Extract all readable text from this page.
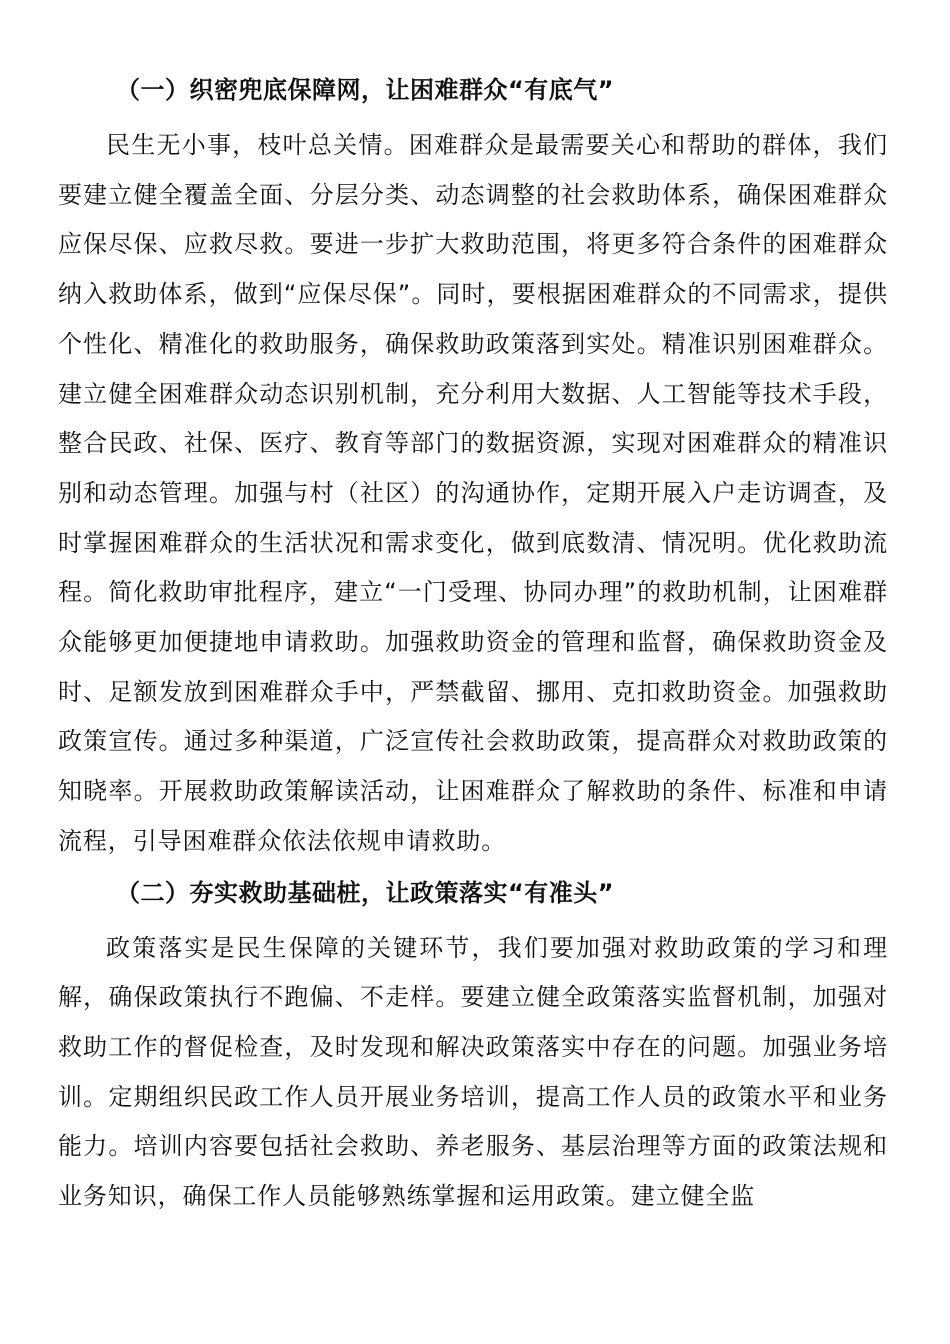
（一）织密兜底保障网，让困难群众“有底气”

民生无小事，枝叶总关情。困难群众是最需要关心和帮助的群体，我们要建立健全覆盖全面、分层分类、动态调整的社会救助体系，确保困难群众应保尽保、应救尽救。要进一步扩大救助范围，将更多符合条件的困难群众纳入救助体系，做到“应保尽保”。同时，要根据困难群众的不同需求，提供个性化、精准化的救助服务，确保救助政策落到实处。精准识别困难群众。建立健全困难群众动态识别机制，充分利用大数据、人工智能等技术手段，整合民政、社保、医疗、教育等部门的数据资源，实现对困难群众的精准识别和动态管理。加强与村（社区）的沟通协作，定期开展入户走访调查，及时掌握困难群众的生活状况和需求变化，做到底数清、情况明。优化救助流程。简化救助审批程序，建立“一门受理、协同办理”的救助机制，让困难群众能够更加便捷地申请救助。加强救助资金的管理和监督，确保救助资金及时、足额发放到困难群众手中，严禁截留、挪用、克扣救助资金。加强救助政策宣传。通过多种渠道，广泛宣传社会救助政策，提高群众对救助政策的知晓率。开展救助政策解读活动，让困难群众了解救助的条件、标准和申请流程，引导困难群众依法依规申请救助。

（二）夯实救助基础桩，让政策落实“有准头”

政策落实是民生保障的关键环节，我们要加强对救助政策的学习和理解，确保政策执行不跑偏、不走样。要建立健全政策落实监督机制，加强对救助工作的督促检查，及时发现和解决政策落实中存在的问题。加强业务培训。定期组织民政工作人员开展业务培训，提高工作人员的政策水平和业务能力。培训内容要包括社会救助、养老服务、基层治理等方面的政策法规和业务知识，确保工作人员能够熟练掌握和运用政策。建立健全监
